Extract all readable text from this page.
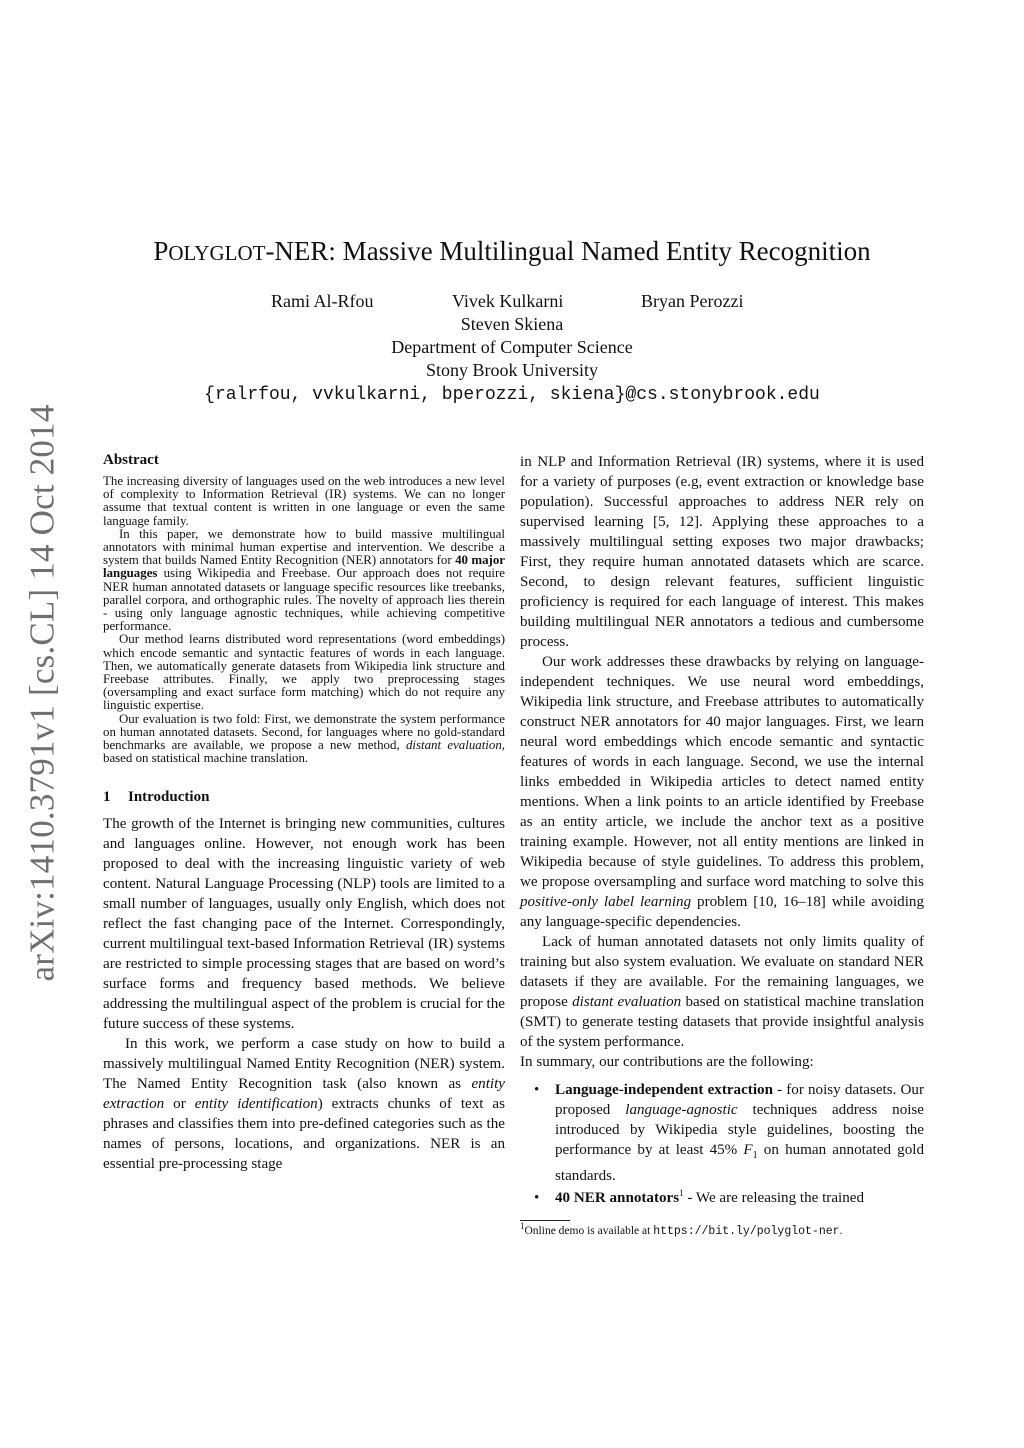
arXiv:1410.3791v1 [cs.CL] 14 Oct 2014
POLYGLOT-NER: Massive Multilingual Named Entity Recognition
Rami Al-Rfou	Vivek Kulkarni	Bryan Perozzi
Steven Skiena
Department of Computer Science
Stony Brook University
{ralrfou, vvkulkarni, bperozzi, skiena}@cs.stonybrook.edu
Abstract

The increasing diversity of languages used on the web introduces a new level of complexity to Information Retrieval (IR) systems. We can no longer assume that textual content is written in one language or even the same language family.

In this paper, we demonstrate how to build massive multilingual annotators with minimal human expertise and intervention. We describe a system that builds Named Entity Recognition (NER) annotators for 40 major languages using Wikipedia and Freebase. Our approach does not require NER human annotated datasets or language specific resources like treebanks, parallel corpora, and orthographic rules. The novelty of approach lies therein - using only language agnostic techniques, while achieving competitive performance.

Our method learns distributed word representations (word embeddings) which encode semantic and syntactic features of words in each language. Then, we automatically generate datasets from Wikipedia link structure and Freebase attributes. Finally, we apply two preprocessing stages (oversampling and exact surface form matching) which do not require any linguistic expertise.

Our evaluation is two fold: First, we demonstrate the system performance on human annotated datasets. Second, for languages where no gold-standard benchmarks are available, we propose a new method, distant evaluation, based on statistical machine translation.

1 Introduction

The growth of the Internet is bringing new communities, cultures and languages online. However, not enough work has been proposed to deal with the increasing linguistic variety of web content. Natural Language Processing (NLP) tools are limited to a small number of languages, usually only English, which does not reflect the fast changing pace of the Internet. Correspondingly, current multilingual text-based Information Retrieval (IR) systems are restricted to simple processing stages that are based on word’s surface forms and frequency based methods. We believe addressing the multilingual aspect of the problem is crucial for the future success of these systems.

In this work, we perform a case study on how to build a massively multilingual Named Entity Recognition (NER) system. The Named Entity Recognition task (also known as entity extraction or entity identification) extracts chunks of text as phrases and classifies them into pre-defined categories such as the names of persons, locations, and organizations. NER is an essential pre-processing stage

in NLP and Information Retrieval (IR) systems, where it is used for a variety of purposes (e.g, event extraction or knowledge base population). Successful approaches to address NER rely on supervised learning [5, 12]. Applying these approaches to a massively multilingual setting exposes two major drawbacks; First, they require human annotated datasets which are scarce. Second, to design relevant features, sufficient linguistic proficiency is required for each language of interest. This makes building multilingual NER annotators a tedious and cumbersome process.

Our work addresses these drawbacks by relying on language-independent techniques. We use neural word embeddings, Wikipedia link structure, and Freebase attributes to automatically construct NER annotators for 40 major languages. First, we learn neural word embeddings which encode semantic and syntactic features of words in each language. Second, we use the internal links embedded in Wikipedia articles to detect named entity mentions. When a link points to an article identified by Freebase as an entity article, we include the anchor text as a positive training example. However, not all entity mentions are linked in Wikipedia because of style guidelines. To address this problem, we propose oversampling and surface word matching to solve this positive-only label learning problem [10, 16–18] while avoiding any language-specific dependencies.

Lack of human annotated datasets not only limits quality of training but also system evaluation. We evaluate on standard NER datasets if they are available. For the remaining languages, we propose distant evaluation based on statistical machine translation (SMT) to generate testing datasets that provide insightful analysis of the system performance.

In summary, our contributions are the following:

• Language-independent extraction - for noisy datasets. Our proposed language-agnostic techniques address noise introduced by Wikipedia style guidelines, boosting the performance by at least 45% $F_1$ on human annotated gold standards.
• 40 NER annotators$^1$ - We are releasing the trained
$^1$Online demo is available at https://bit.ly/polyglot-ner.
